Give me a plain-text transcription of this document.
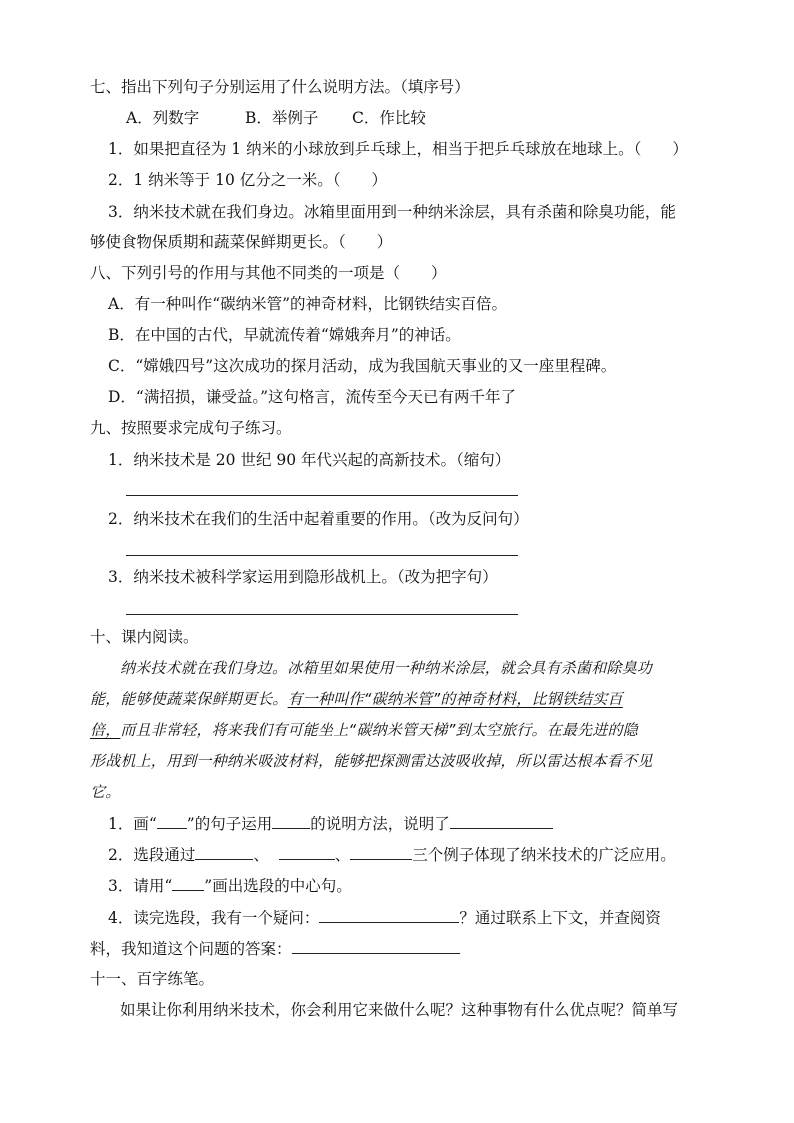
七、指出下列句子分别运用了什么说明方法。（填序号）
A．列数字	B．举例子 C．作比较
1．如果把直径为 1 纳米的小球放到乒乓球上，相当于把乒乓球放在地球上。（　　）
2．1 纳米等于 10 亿分之一米。（　　）
3．纳米技术就在我们身边。冰箱里面用到一种纳米涂层，具有杀菌和除臭功能，能
够使食物保质期和蔬菜保鲜期更长。（　　）
八、下列引号的作用与其他不同类的一项是（　　）
A．有一种叫作“碳纳米管”的神奇材料，比钢铁结实百倍。
B．在中国的古代，早就流传着“嫦娥奔月”的神话。
C．“嫦娥四号”这次成功的探月活动，成为我国航天事业的又一座里程碑。
D．“满招损，谦受益。”这句格言，流传至今天已有两千年了
九、按照要求完成句子练习。
1．纳米技术是 20 世纪 90 年代兴起的高新技术。（缩句）
2．纳米技术在我们的生活中起着重要的作用。（改为反问句）
3．纳米技术被科学家运用到隐形战机上。（改为把字句）
十、课内阅读。
纳米技术就在我们身边。冰箱里如果使用一种纳米涂层，就会具有杀菌和除臭功
能，能够使蔬菜保鲜期更长。有一种叫作“碳纳米管”的神奇材料，比钢铁结实百
倍，而且非常轻，将来我们有可能坐上“碳纳米管天梯”到太空旅行。在最先进的隐
形战机上，用到一种纳米吸波材料，能够把探测雷达波吸收掉，所以雷达根本看不见
它。
1．画“ ”的句子运用 的说明方法，说明了
2．选段通过	、	、	三个例子体现了纳米技术的广泛应用。
3．请用“ ”画出选段的中心句。
4．读完选段，我有一个疑问：	？通过联系上下文，并查阅资
料，我知道这个问题的答案：
十一、百字练笔。
如果让你利用纳米技术，你会利用它来做什么呢？这种事物有什么优点呢？简单写
